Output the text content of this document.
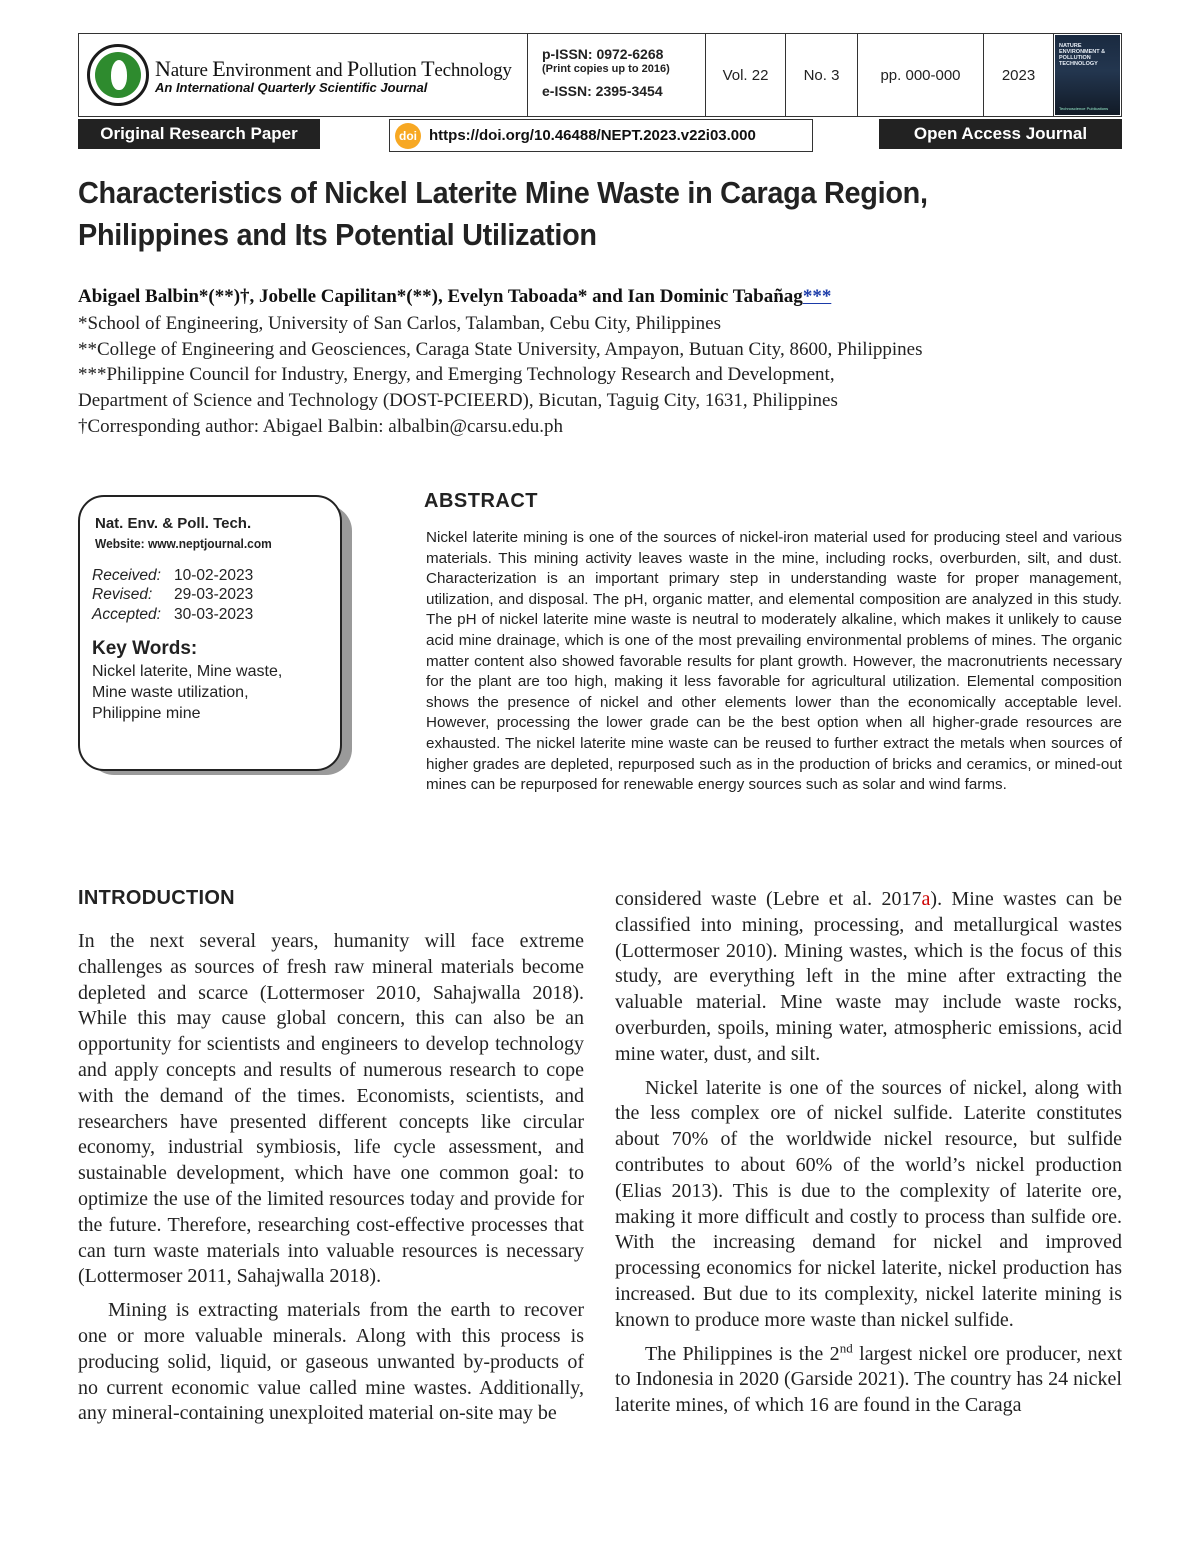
Nature Environment and Pollution Technology
An International Quarterly Scientific Journal
p-ISSN: 0972-6268
(Print copies up to 2016)
e-ISSN: 2395-3454
Vol. 22	No. 3	pp. 000-000	2023
NATURE ENVIRONMENT & POLLUTION TECHNOLOGY
Technoscience Publications
Original Research Paper	doi https://doi.org/10.46488/NEPT.2023.v22i03.000	Open Access Journal
Characteristics of Nickel Laterite Mine Waste in Caraga Region, Philippines and Its Potential Utilization
Abigael Balbin*(**)†, Jobelle Capilitan*(**), Evelyn Taboada* and Ian Dominic Tabañag***
*School of Engineering, University of San Carlos, Talamban, Cebu City, Philippines
**College of Engineering and Geosciences, Caraga State University, Ampayon, Butuan City, 8600, Philippines
***Philippine Council for Industry, Energy, and Emerging Technology Research and Development,
Department of Science and Technology (DOST-PCIEERD), Bicutan, Taguig City, 1631, Philippines
†Corresponding author: Abigael Balbin: albalbin@carsu.edu.ph
Nat. Env. & Poll. Tech.
Website: www.neptjournal.com
Received: 10-02-2023
Revised: 29-03-2023
Accepted: 30-03-2023
Key Words:
Nickel laterite, Mine waste,
Mine waste utilization,
Philippine mine
ABSTRACT
Nickel laterite mining is one of the sources of nickel-iron material used for producing steel and various materials. This mining activity leaves waste in the mine, including rocks, overburden, silt, and dust. Characterization is an important primary step in understanding waste for proper management, utilization, and disposal. The pH, organic matter, and elemental composition are analyzed in this study. The pH of nickel laterite mine waste is neutral to moderately alkaline, which makes it unlikely to cause acid mine drainage, which is one of the most prevailing environmental problems of mines. The organic matter content also showed favorable results for plant growth. However, the macronutrients necessary for the plant are too high, making it less favorable for agricultural utilization. Elemental composition shows the presence of nickel and other elements lower than the economically acceptable level. However, processing the lower grade can be the best option when all higher-grade resources are exhausted. The nickel laterite mine waste can be reused to further extract the metals when sources of higher grades are depleted, repurposed such as in the production of bricks and ceramics, or mined-out mines can be repurposed for renewable energy sources such as solar and wind farms.
INTRODUCTION

In the next several years, humanity will face extreme challenges as sources of fresh raw mineral materials become depleted and scarce (Lottermoser 2010, Sahajwalla 2018). While this may cause global concern, this can also be an opportunity for scientists and engineers to develop technology and apply concepts and results of numerous research to cope with the demand of the times. Economists, scientists, and researchers have presented different concepts like circular economy, industrial symbiosis, life cycle assessment, and sustainable development, which have one common goal: to optimize the use of the limited resources today and provide for the future. Therefore, researching cost-effective processes that can turn waste materials into valuable resources is necessary (Lottermoser 2011, Sahajwalla 2018).

Mining is extracting materials from the earth to recover one or more valuable minerals. Along with this process is producing solid, liquid, or gaseous unwanted by-products of no current economic value called mine wastes. Additionally, any mineral-containing unexploited material on-site may be

considered waste (Lebre et al. 2017a). Mine wastes can be classified into mining, processing, and metallurgical wastes (Lottermoser 2010). Mining wastes, which is the focus of this study, are everything left in the mine after extracting the valuable material. Mine waste may include waste rocks, overburden, spoils, mining water, atmospheric emissions, acid mine water, dust, and silt.

Nickel laterite is one of the sources of nickel, along with the less complex ore of nickel sulfide. Laterite constitutes about 70% of the worldwide nickel resource, but sulfide contributes to about 60% of the world’s nickel production (Elias 2013). This is due to the complexity of laterite ore, making it more difficult and costly to process than sulfide ore. With the increasing demand for nickel and improved processing economics for nickel laterite, nickel production has increased. But due to its complexity, nickel laterite mining is known to produce more waste than nickel sulfide.

The Philippines is the 2nd largest nickel ore producer, next to Indonesia in 2020 (Garside 2021). The country has 24 nickel laterite mines, of which 16 are found in the Caraga
